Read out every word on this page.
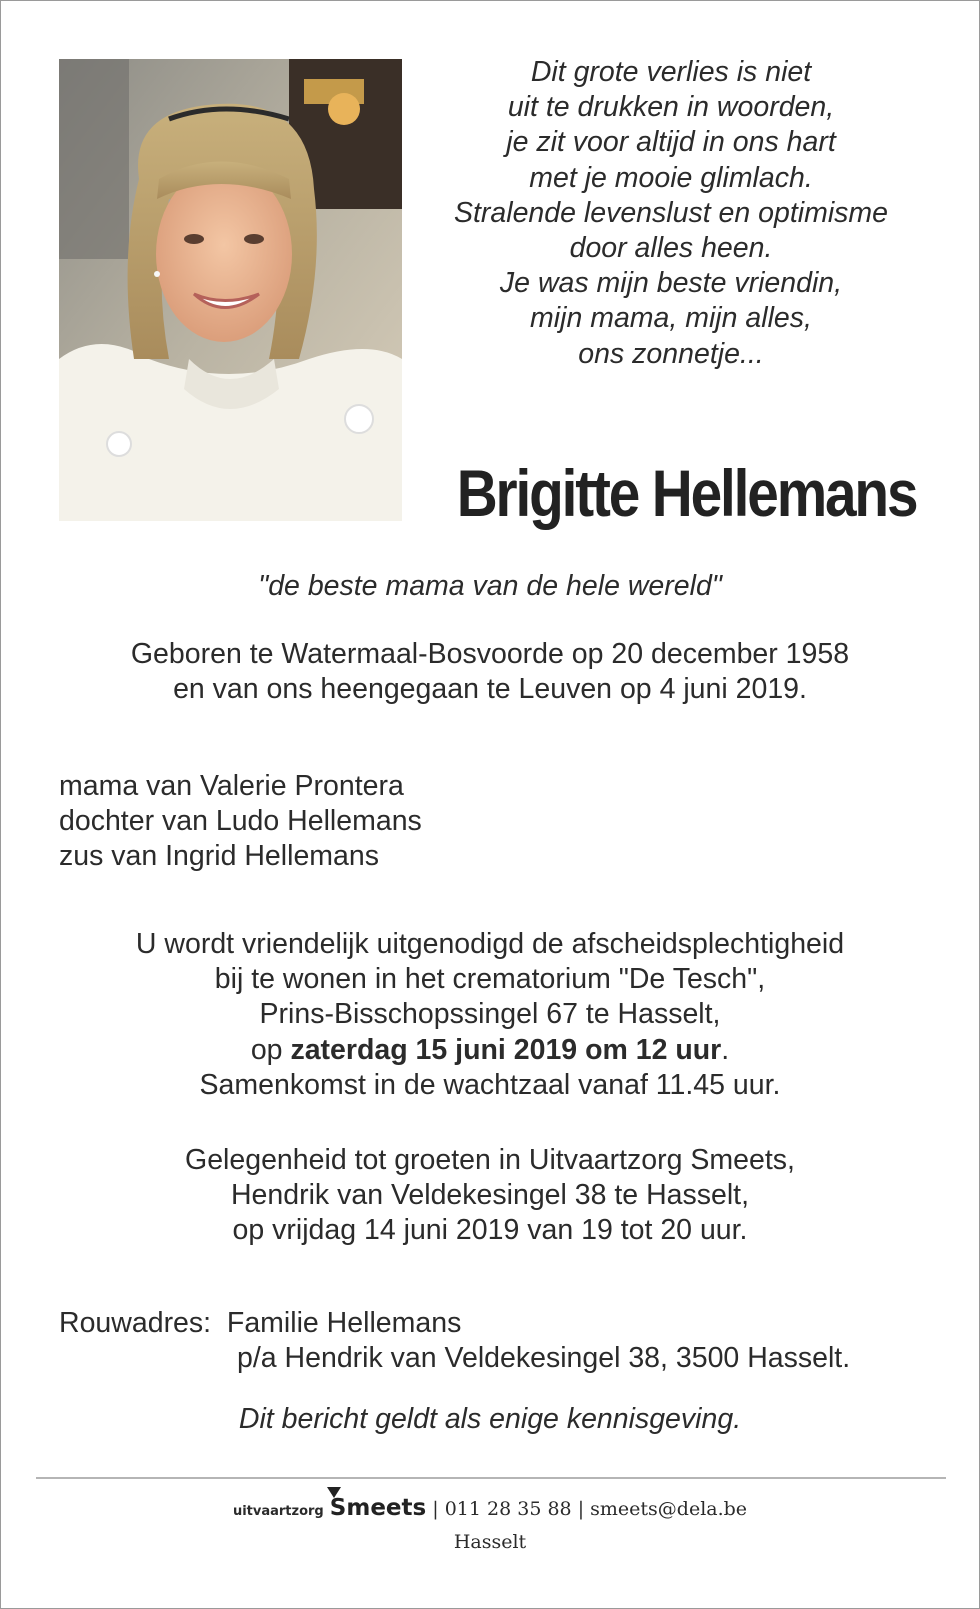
Dit grote verlies is niet
uit te drukken in woorden,
je zit voor altijd in ons hart
met je mooie glimlach.
Stralende levenslust en optimisme
door alles heen.
Je was mijn beste vriendin,
mijn mama, mijn alles,
ons zonnetje...
Brigitte Hellemans
"de beste mama van de hele wereld"
Geboren te Watermaal-Bosvoorde op 20 december 1958
en van ons heengegaan te Leuven op 4 juni 2019.
mama van Valerie Prontera
dochter van Ludo Hellemans
zus van Ingrid Hellemans
U wordt vriendelijk uitgenodigd de afscheidsplechtigheid
bij te wonen in het crematorium "De Tesch",
Prins-Bisschopssingel 67 te Hasselt,
op zaterdag 15 juni 2019 om 12 uur.
Samenkomst in de wachtzaal vanaf 11.45 uur.
Gelegenheid tot groeten in Uitvaartzorg Smeets,
Hendrik van Veldekesingel 38 te Hasselt,
op vrijdag 14 juni 2019 van 19 tot 20 uur.
Rouwadres: Familie Hellemans
p/a Hendrik van Veldekesingel 38, 3500 Hasselt.
Dit bericht geldt als enige kennisgeving.
uitvaartzorg Smeets | 011 28 35 88 | smeets@dela.be
Hasselt
